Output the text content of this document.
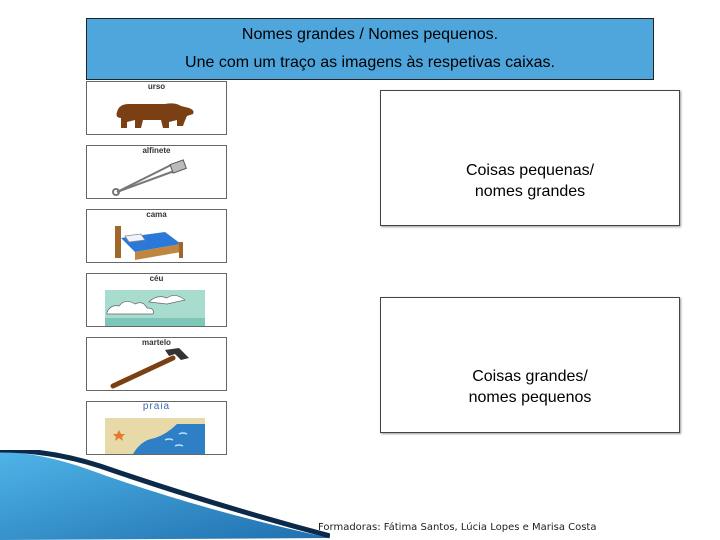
Nomes grandes / Nomes pequenos.
Une com um traço as imagens às respetivas caixas.
urso
alfinete
cama
céu
martelo
praia
Coisas pequenas/
nomes grandes
Coisas grandes/
nomes pequenos
Formadoras: Fátima Santos, Lúcia Lopes e Marisa Costa
